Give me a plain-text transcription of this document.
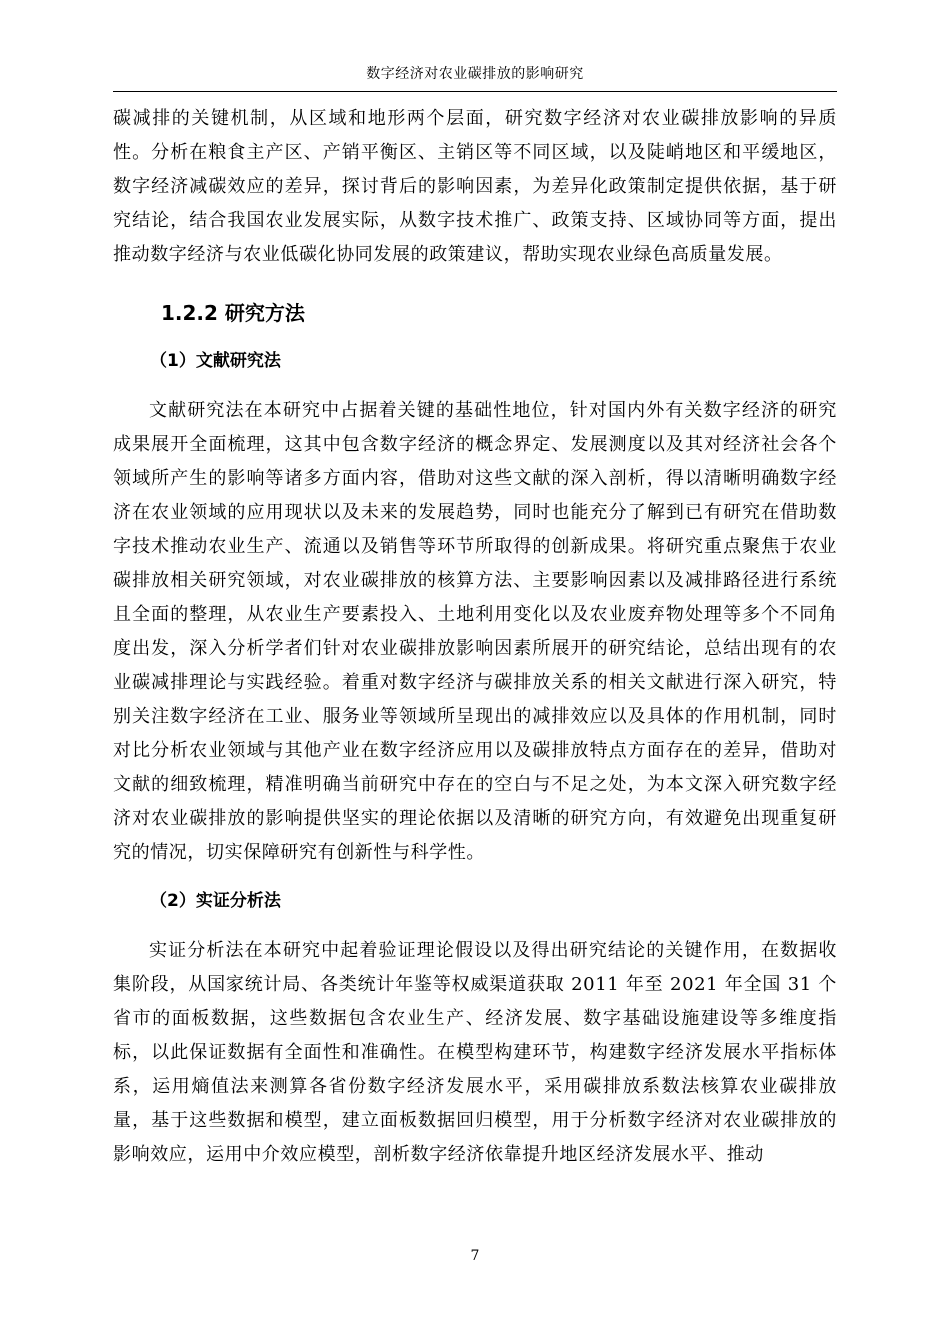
数字经济对农业碳排放的影响研究

碳减排的关键机制，从区域和地形两个层面，研究数字经济对农业碳排放影响的异质性。分析在粮食主产区、产销平衡区、主销区等不同区域，以及陡峭地区和平缓地区，数字经济减碳效应的差异，探讨背后的影响因素，为差异化政策制定提供依据，基于研究结论，结合我国农业发展实际，从数字技术推广、政策支持、区域协同等方面，提出推动数字经济与农业低碳化协同发展的政策建议，帮助实现农业绿色高质量发展。

1.2.2 研究方法
（1）文献研究法

文献研究法在本研究中占据着关键的基础性地位，针对国内外有关数字经济的研究成果展开全面梳理，这其中包含数字经济的概念界定、发展测度以及其对经济社会各个领域所产生的影响等诸多方面内容，借助对这些文献的深入剖析，得以清晰明确数字经济在农业领域的应用现状以及未来的发展趋势，同时也能充分了解到已有研究在借助数字技术推动农业生产、流通以及销售等环节所取得的创新成果。将研究重点聚焦于农业碳排放相关研究领域，对农业碳排放的核算方法、主要影响因素以及减排路径进行系统且全面的整理，从农业生产要素投入、土地利用变化以及农业废弃物处理等多个不同角度出发，深入分析学者们针对农业碳排放影响因素所展开的研究结论，总结出现有的农业碳减排理论与实践经验。着重对数字经济与碳排放关系的相关文献进行深入研究，特别关注数字经济在工业、服务业等领域所呈现出的减排效应以及具体的作用机制，同时对比分析农业领域与其他产业在数字经济应用以及碳排放特点方面存在的差异，借助对文献的细致梳理，精准明确当前研究中存在的空白与不足之处，为本文深入研究数字经济对农业碳排放的影响提供坚实的理论依据以及清晰的研究方向，有效避免出现重复研究的情况，切实保障研究有创新性与科学性。

（2）实证分析法

实证分析法在本研究中起着验证理论假设以及得出研究结论的关键作用，在数据收集阶段，从国家统计局、各类统计年鉴等权威渠道获取 2011 年至 2021 年全国 31 个省市的面板数据，这些数据包含农业生产、经济发展、数字基础设施建设等多维度指标，以此保证数据有全面性和准确性。在模型构建环节，构建数字经济发展水平指标体系，运用熵值法来测算各省份数字经济发展水平，采用碳排放系数法核算农业碳排放量，基于这些数据和模型，建立面板数据回归模型，用于分析数字经济对农业碳排放的影响效应，运用中介效应模型，剖析数字经济依靠提升地区经济发展水平、推动

7
